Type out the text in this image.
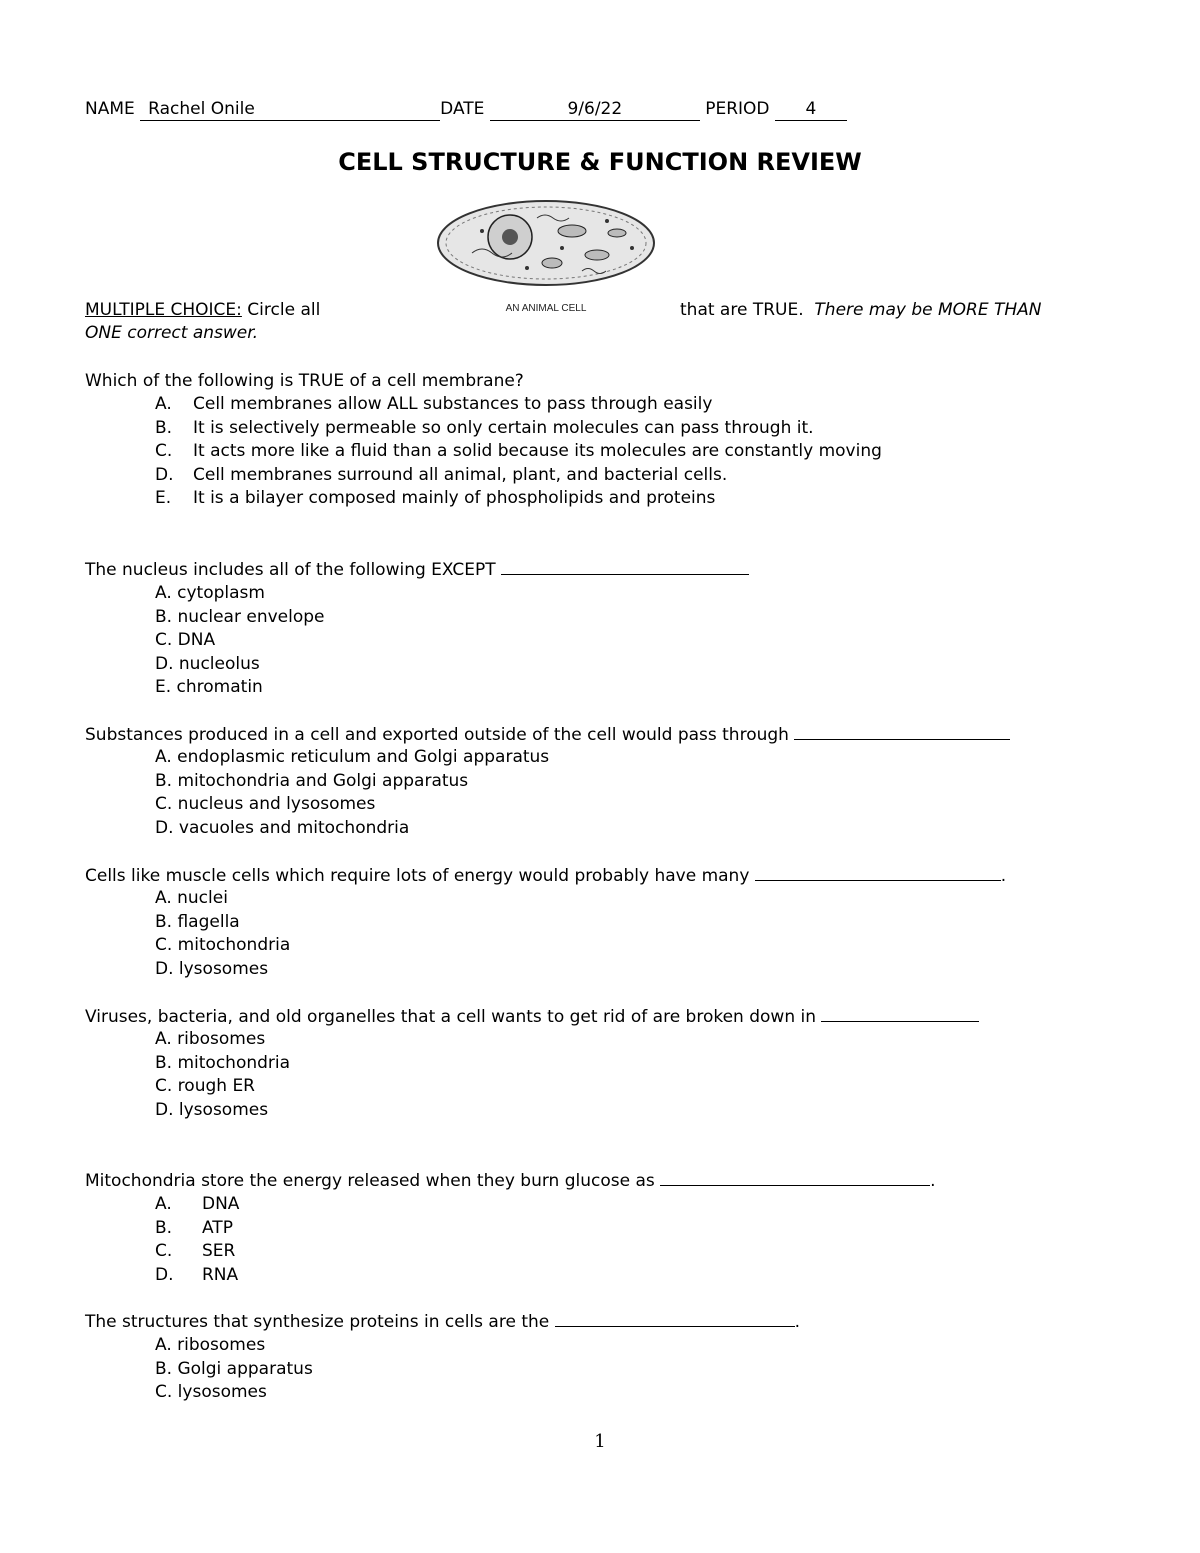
NAME Rachel Onile	DATE	9/6/22	PERIOD 4
CELL STRUCTURE & FUNCTION REVIEW
AN ANIMAL CELL
MULTIPLE CHOICE: Circle all	that are TRUE. There may be MORE THAN
ONE correct answer.
Which of the following is TRUE of a cell membrane?
A. Cell membranes allow ALL substances to pass through easily
B. It is selectively permeable so only certain molecules can pass through it.
C. It acts more like a fluid than a solid because its molecules are constantly moving
D. Cell membranes surround all animal, plant, and bacterial cells.
E. It is a bilayer composed mainly of phospholipids and proteins
The nucleus includes all of the following EXCEPT
A. cytoplasm
B. nuclear envelope
C. DNA
D. nucleolus
E. chromatin
Substances produced in a cell and exported outside of the cell would pass through
A. endoplasmic reticulum and Golgi apparatus
B. mitochondria and Golgi apparatus
C. nucleus and lysosomes
D. vacuoles and mitochondria
Cells like muscle cells which require lots of energy would probably have many	.
A. nuclei
B. flagella
C. mitochondria
D. lysosomes
Viruses, bacteria, and old organelles that a cell wants to get rid of are broken down in
A. ribosomes
B. mitochondria
C. rough ER
D. lysosomes
Mitochondria store the energy released when they burn glucose as	.
A. DNA
B. ATP
C. SER
D. RNA
The structures that synthesize proteins in cells are the	.
A. ribosomes
B. Golgi apparatus
C. lysosomes
1
